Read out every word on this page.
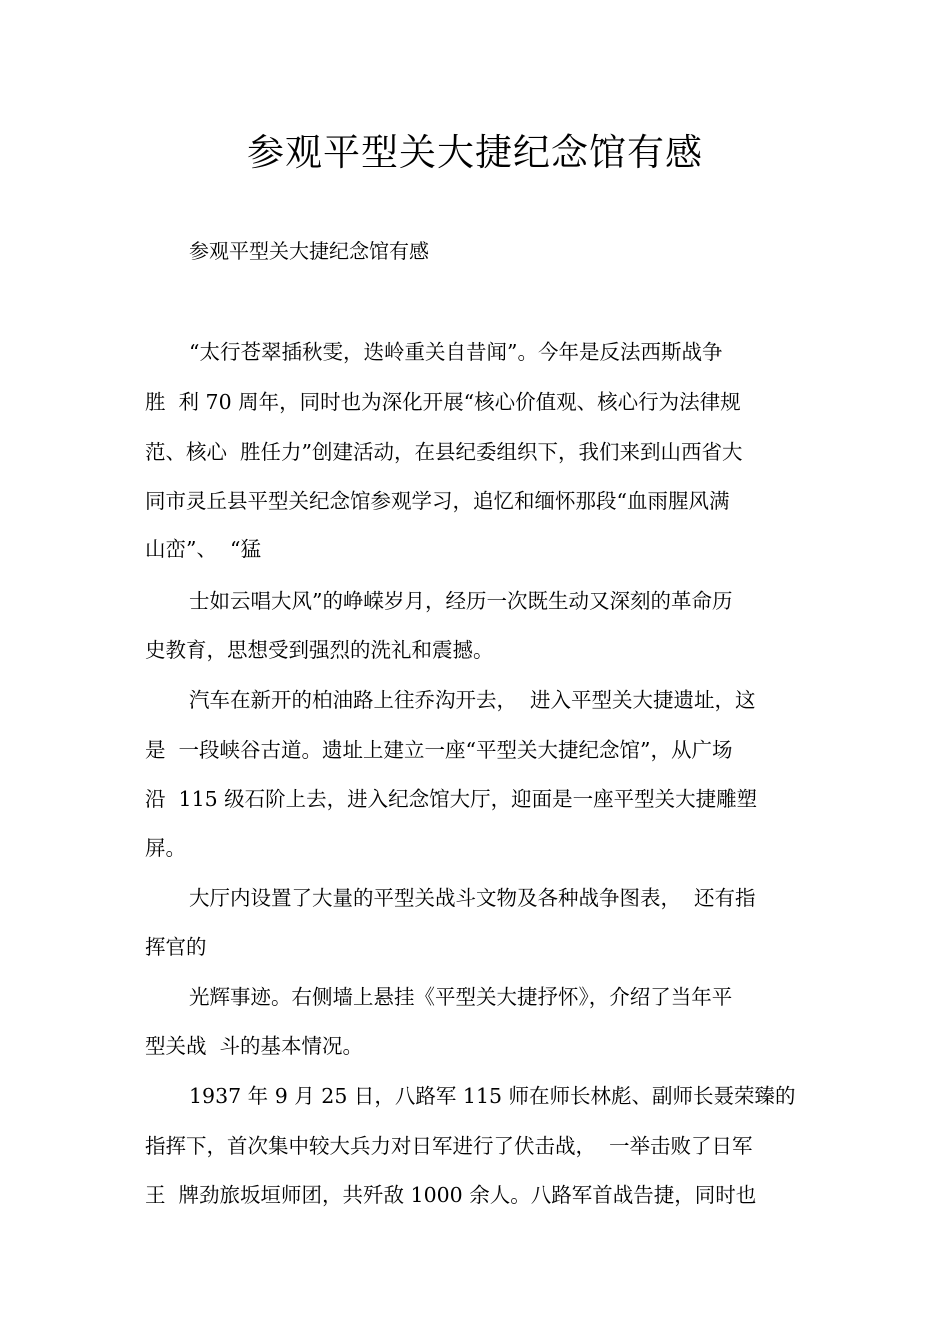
参观平型关大捷纪念馆有感
参观平型关大捷纪念馆有感
“太行苍翠插秋雯，迭岭重关自昔闻”。今年是反法西斯战争
胜  利 70 周年，同时也为深化开展“核心价值观、核心行为法律规
范、核心  胜任力”创建活动，在县纪委组织下，我们来到山西省大
同市灵丘县平型关纪念馆参观学习，追忆和缅怀那段“血雨腥风满
山峦”、  “猛
士如云唱大风”的峥嵘岁月，经历一次既生动又深刻的革命历
史教育，思想受到强烈的洗礼和震撼。
汽车在新开的柏油路上往乔沟开去，  进入平型关大捷遗址，这
是  一段峡谷古道。遗址上建立一座“平型关大捷纪念馆”，从广场
沿  115 级石阶上去，进入纪念馆大厅，迎面是一座平型关大捷雕塑
屏。
大厅内设置了大量的平型关战斗文物及各种战争图表，  还有指
挥官的
光辉事迹。右侧墙上悬挂《平型关大捷抒怀》，介绍了当年平
型关战  斗的基本情况。
1937 年 9 月 25 日，八路军 115 师在师长林彪、副师长聂荣臻的
指挥下，首次集中较大兵力对日军进行了伏击战，  一举击败了日军
王  牌劲旅坂垣师团，共歼敌 1000 余人。八路军首战告捷，同时也
